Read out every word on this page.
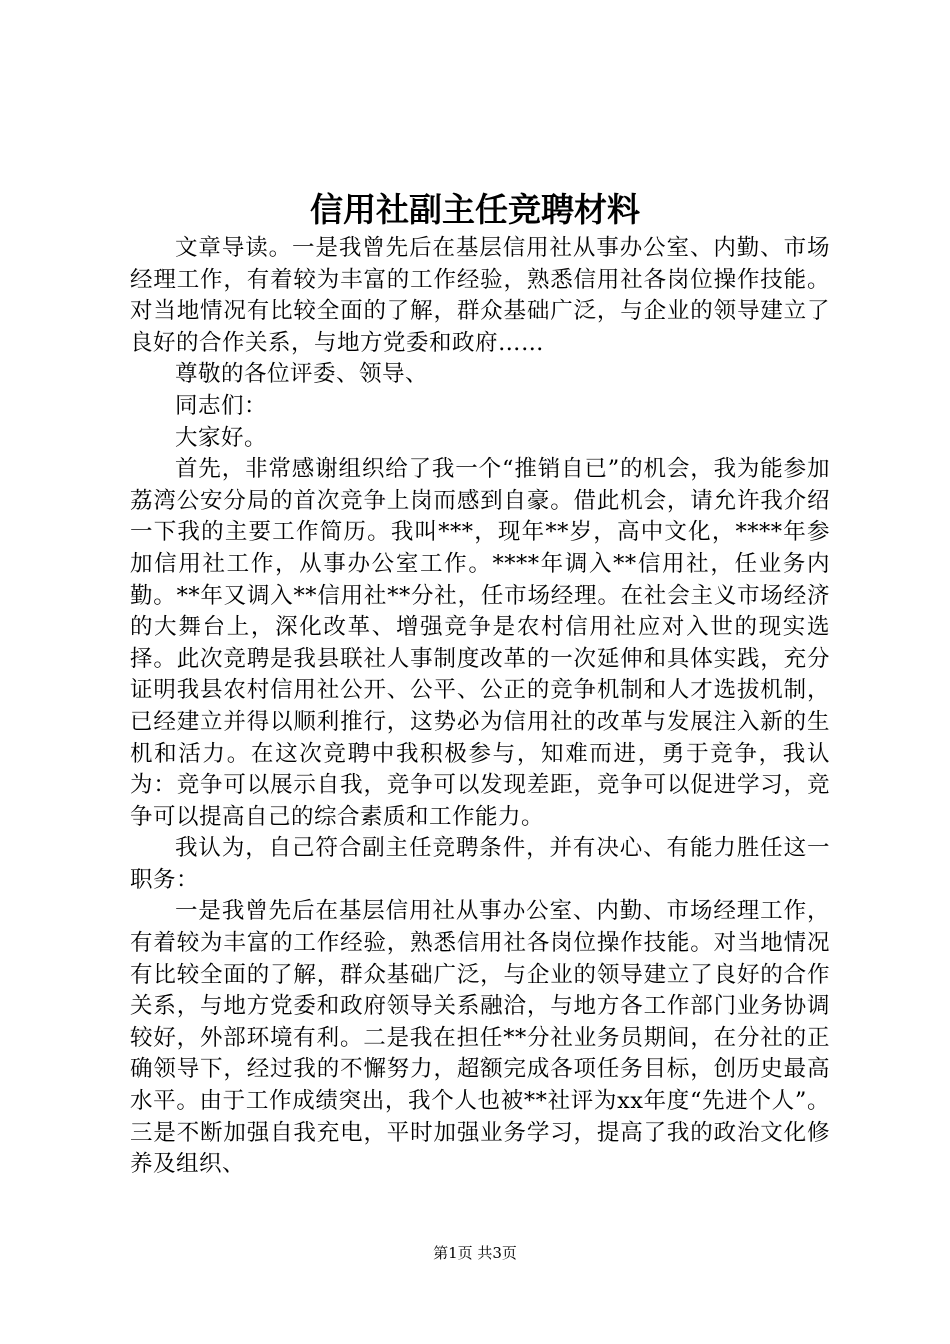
信用社副主任竞聘材料

文章导读。一是我曾先后在基层信用社从事办公室、内勤、市场经理工作，有着较为丰富的工作经验，熟悉信用社各岗位操作技能。对当地情况有比较全面的了解，群众基础广泛，与企业的领导建立了良好的合作关系，与地方党委和政府……

尊敬的各位评委、领导、

同志们：

大家好。

首先，非常感谢组织给了我一个“推销自已”的机会，我为能参加荔湾公安分局的首次竞争上岗而感到自豪。借此机会，请允许我介绍一下我的主要工作简历。我叫***，现年**岁，高中文化，****年参加信用社工作，从事办公室工作。****年调入**信用社，任业务内勤。**年又调入**信用社**分社，任市场经理。在社会主义市场经济的大舞台上，深化改革、增强竞争是农村信用社应对入世的现实选择。此次竞聘是我县联社人事制度改革的一次延伸和具体实践，充分证明我县农村信用社公开、公平、公正的竞争机制和人才选拔机制，已经建立并得以顺利推行，这势必为信用社的改革与发展注入新的生机和活力。在这次竞聘中我积极参与，知难而进，勇于竞争，我认为：竞争可以展示自我，竞争可以发现差距，竞争可以促进学习，竞争可以提高自己的综合素质和工作能力。

我认为，自己符合副主任竞聘条件，并有决心、有能力胜任这一职务：

一是我曾先后在基层信用社从事办公室、内勤、市场经理工作，有着较为丰富的工作经验，熟悉信用社各岗位操作技能。对当地情况有比较全面的了解，群众基础广泛，与企业的领导建立了良好的合作关系，与地方党委和政府领导关系融洽，与地方各工作部门业务协调较好，外部环境有利。二是我在担任**分社业务员期间，在分社的正确领导下，经过我的不懈努力，超额完成各项任务目标，创历史最高水平。由于工作成绩突出，我个人也被**社评为xx年度“先进个人”。三是不断加强自我充电，平时加强业务学习，提高了我的政治文化修养及组织、

第1页 共3页
